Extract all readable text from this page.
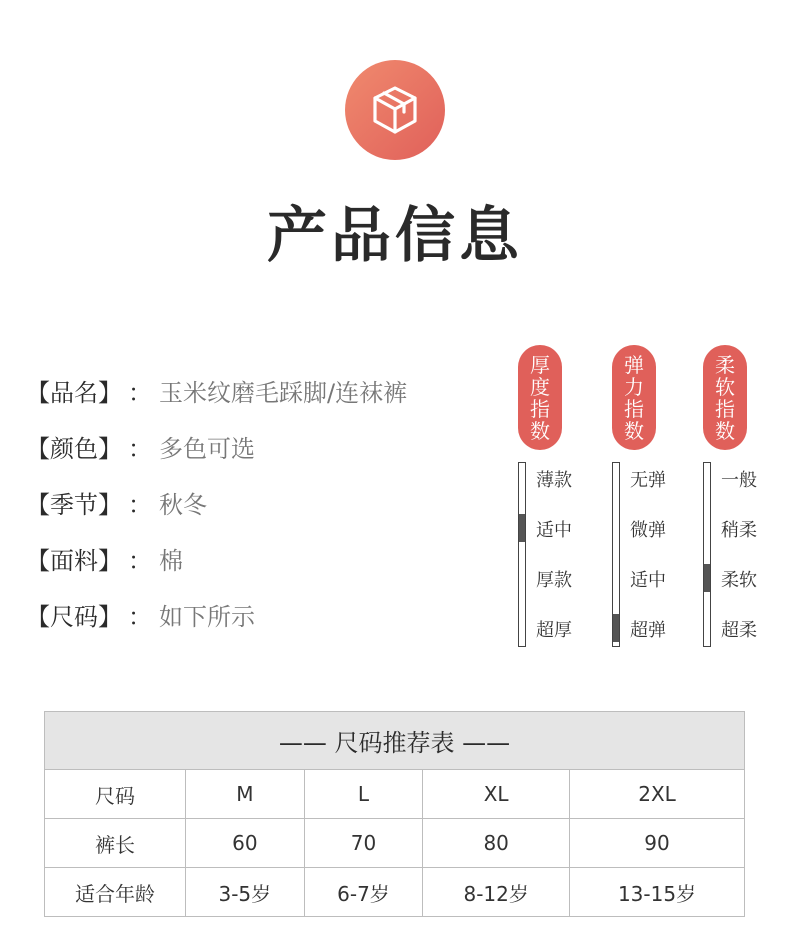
产品信息
【品名】 ： 玉米纹磨毛踩脚/连袜裤
【颜色】 ： 多色可选
【季节】 ： 秋冬
【面料】 ： 棉
【尺码】 ： 如下所示
厚
度
指
数
薄款
适中
厚款
超厚
弹
力
指
数
无弹
微弹
适中
超弹
柔
软
指
数
一般
稍柔
柔软
超柔
—— 尺码推荐表 ——				
尺码	M	L	XL	2XL
裤长	60	70	80	90
适合年龄	3-5岁	6-7岁	8-12岁	13-15岁
